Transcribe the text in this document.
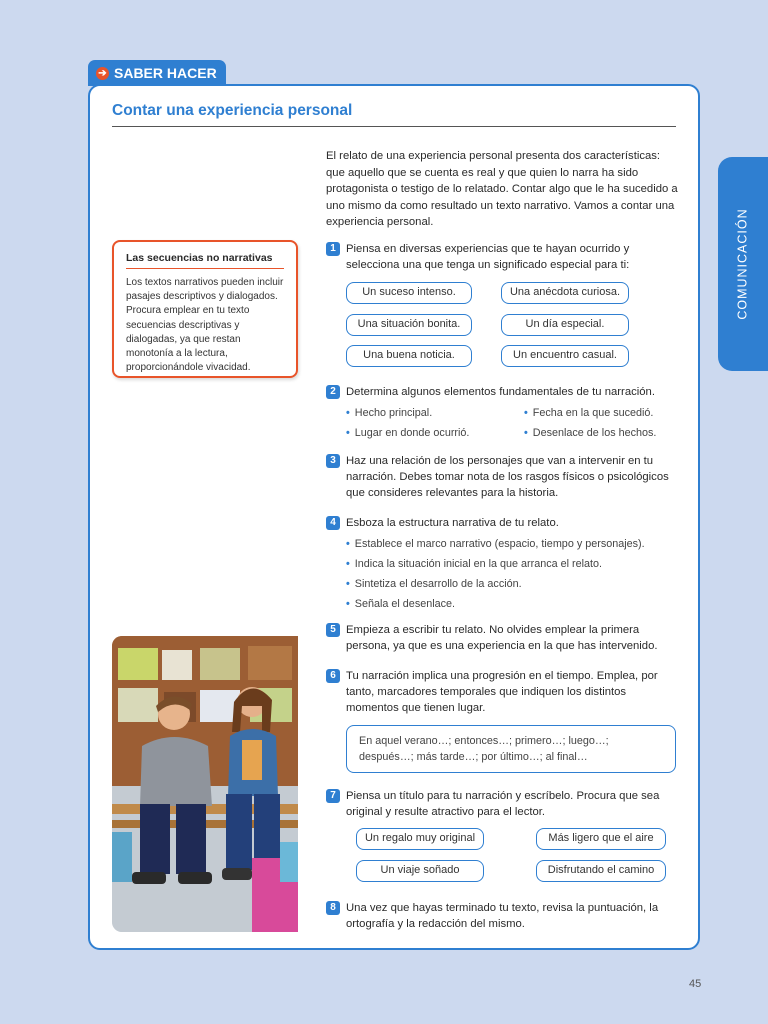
➔ SABER HACER
COMUNICACIÓN
Contar una experiencia personal
El relato de una experiencia personal presenta dos características: que aquello que se cuenta es real y que quien lo narra ha sido protagonista o testigo de lo relatado. Contar algo que le ha sucedido a uno mismo da como resultado un texto narrativo. Vamos a contar una experiencia personal.
Las secuencias no narrativas
Los textos narrativos pueden incluir pasajes descriptivos y dialogados. Procura emplear en tu texto secuencias descriptivas y dialogadas, ya que restan monotonía a la lectura, proporcionándole vivacidad.
1 Piensa en diversas experiencias que te hayan ocurrido y selecciona una que tenga un significado especial para ti:
Un suceso intenso.	Una anécdota curiosa.
Una situación bonita.	Un día especial.
Una buena noticia.	Un encuentro casual.
2 Determina algunos elementos fundamentales de tu narración.
• Hecho principal.
• Lugar en donde ocurrió.
• Fecha en la que sucedió.
• Desenlace de los hechos.
3 Haz una relación de los personajes que van a intervenir en tu narración. Debes tomar nota de los rasgos físicos o psicológicos que consideres relevantes para la historia.
4 Esboza la estructura narrativa de tu relato.
• Establece el marco narrativo (espacio, tiempo y personajes).
• Indica la situación inicial en la que arranca el relato.
• Sintetiza el desarrollo de la acción.
• Señala el desenlace.
5 Empieza a escribir tu relato. No olvides emplear la primera persona, ya que es una experiencia en la que has intervenido.
6 Tu narración implica una progresión en el tiempo. Emplea, por tanto, marcadores temporales que indiquen los distintos momentos que tienen lugar.
En aquel verano…; entonces…; primero…; luego…; después…; más tarde…; por último…; al final…
7 Piensa un título para tu narración y escríbelo. Procura que sea original y resulte atractivo para el lector.
Un regalo muy original	Más ligero que el aire
Un viaje soñado	Disfrutando el camino
8 Una vez que hayas terminado tu texto, revisa la puntuación, la ortografía y la redacción del mismo.
45
